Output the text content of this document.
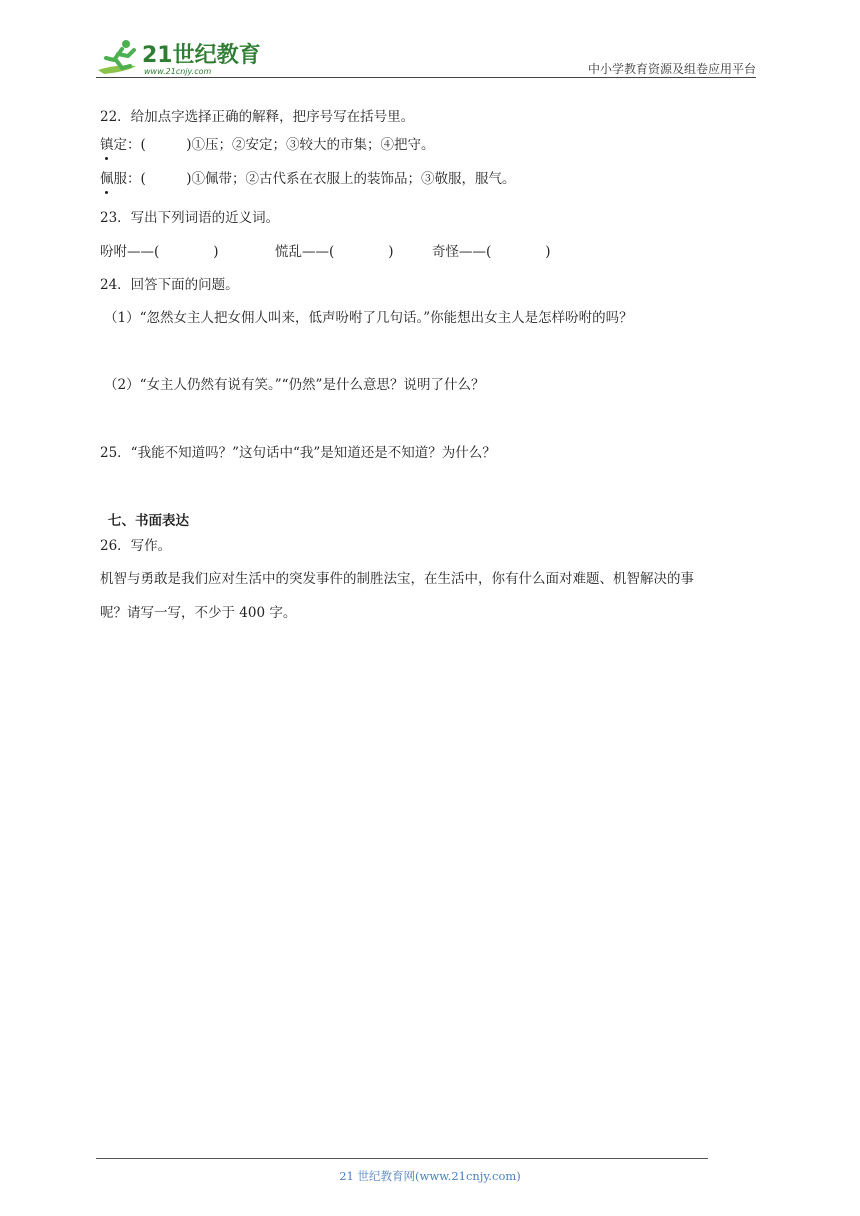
21世纪教育
www.21cnjy.com	中小学教育资源及组卷应用平台
22．给加点字选择正确的解释，把序号写在括号里。
镇定：(　　　)①压；②安定；③较大的市集；④把守。
佩服：(　　　)①佩带；②古代系在衣服上的装饰品；③敬服，服气。
23．写出下列词语的近义词。
吩咐——(　　　　)	慌乱——(　　　　)	奇怪——(　　　　)
24．回答下面的问题。
（1）“忽然女主人把女佣人叫来，低声吩咐了几句话。”你能想出女主人是怎样吩咐的吗？
（2）“女主人仍然有说有笑。”“仍然”是什么意思？说明了什么？
25．“我能不知道吗？”这句话中“我”是知道还是不知道？为什么？
七、书面表达
26．写作。
机智与勇敢是我们应对生活中的突发事件的制胜法宝，在生活中，你有什么面对难题、机智解决的事
呢？请写一写，不少于 400 字。
21 世纪教育网(www.21cnjy.com)
